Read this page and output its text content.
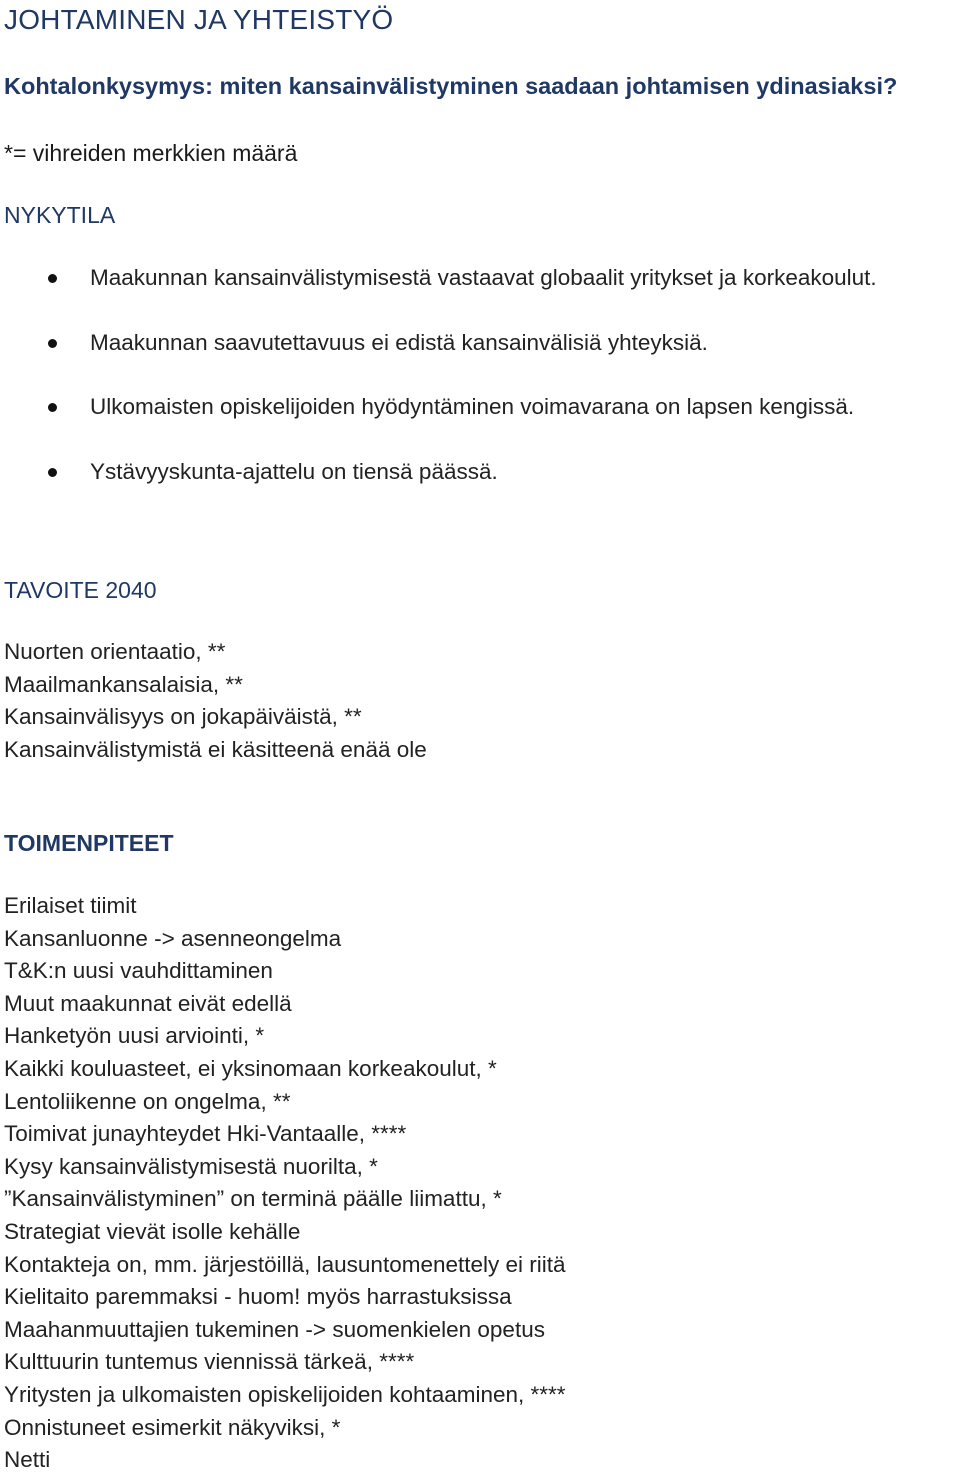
JOHTAMINEN JA YHTEISTYÖ
Kohtalonkysymys: miten kansainvälistyminen saadaan johtamisen ydinasiaksi?
*= vihreiden merkkien määrä
NYKYTILA
Maakunnan kansainvälistymisestä vastaavat globaalit yritykset ja korkeakoulut.
Maakunnan saavutettavuus ei edistä kansainvälisiä yhteyksiä.
Ulkomaisten opiskelijoiden hyödyntäminen voimavarana on lapsen kengissä.
Ystävyyskunta-ajattelu on tiensä päässä.
TAVOITE 2040
Nuorten orientaatio, **
Maailmankansalaisia, **
Kansainvälisyys on jokapäiväistä, **
Kansainvälistymistä ei käsitteenä enää ole
TOIMENPITEET
Erilaiset tiimit
Kansanluonne -> asenneongelma
T&K:n uusi vauhdittaminen
Muut maakunnat eivät edellä
Hanketyön uusi arviointi, *
Kaikki kouluasteet, ei yksinomaan korkeakoulut, *
Lentoliikenne on ongelma, **
Toimivat junayhteydet Hki-Vantaalle, ****
Kysy kansainvälistymisestä nuorilta, *
”Kansainvälistyminen” on terminä päälle liimattu, *
Strategiat vievät isolle kehälle
Kontakteja on, mm. järjestöillä, lausuntomenettely ei riitä
Kielitaito paremmaksi - huom! myös harrastuksissa
Maahanmuuttajien tukeminen -> suomenkielen opetus
Kulttuurin tuntemus viennissä tärkeä, ****
Yritysten ja ulkomaisten opiskelijoiden kohtaaminen, ****
Onnistuneet esimerkit näkyviksi, *
Netti
